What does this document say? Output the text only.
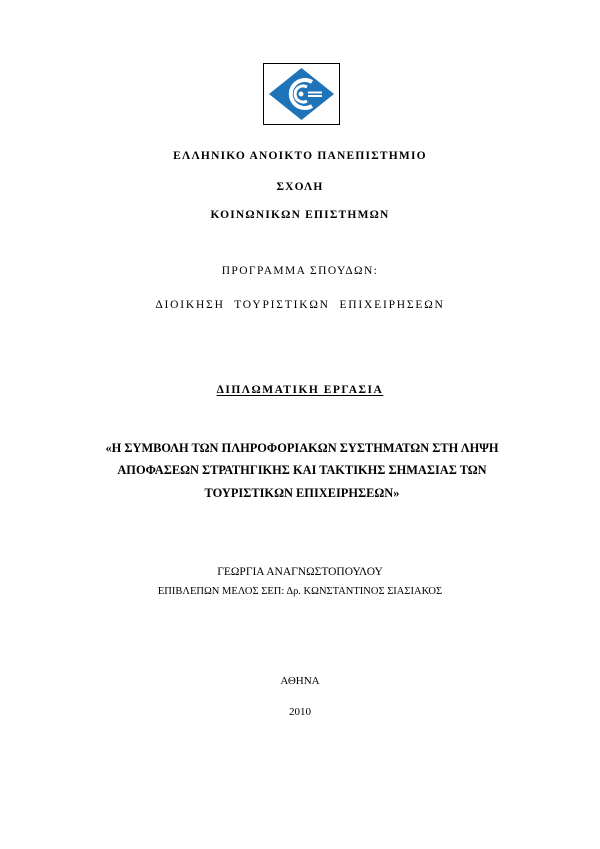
ΕΛΛΗΝΙΚΟ ΑΝΟΙΚΤΟ ΠΑΝΕΠΙΣΤΗΜΙΟ
ΣΧΟΛΗ
ΚΟΙΝΩΝΙΚΩΝ ΕΠΙΣΤΗΜΩΝ
ΠΡΟΓΡΑΜΜΑ ΣΠΟΥΔΩΝ:
ΔΙΟΙΚΗΣΗ ΤΟΥΡΙΣΤΙΚΩΝ ΕΠΙΧΕΙΡΗΣΕΩΝ
ΔΙΠΛΩΜΑΤΙΚΗ ΕΡΓΑΣΙΑ
«Η ΣΥΜΒΟΛΗ ΤΩΝ ΠΛΗΡΟΦΟΡΙΑΚΩΝ ΣΥΣΤΗΜΑΤΩΝ ΣΤΗ ΛΗΨΗ
ΑΠΟΦΑΣΕΩΝ ΣΤΡΑΤΗΓΙΚΗΣ ΚΑΙ ΤΑΚΤΙΚΗΣ ΣΗΜΑΣΙΑΣ ΤΩΝ
ΤΟΥΡΙΣΤΙΚΩΝ ΕΠΙΧΕΙΡΗΣΕΩΝ»
ΓΕΩΡΓΙΑ ΑΝΑΓΝΩΣΤΟΠΟΥΛΟΥ
ΕΠΙΒΛΕΠΩΝ ΜΕΛΟΣ ΣΕΠ: Δρ. ΚΩΝΣΤΑΝΤΙΝΟΣ ΣΙΑΣΙΑΚΟΣ
ΑΘΗΝΑ
2010
